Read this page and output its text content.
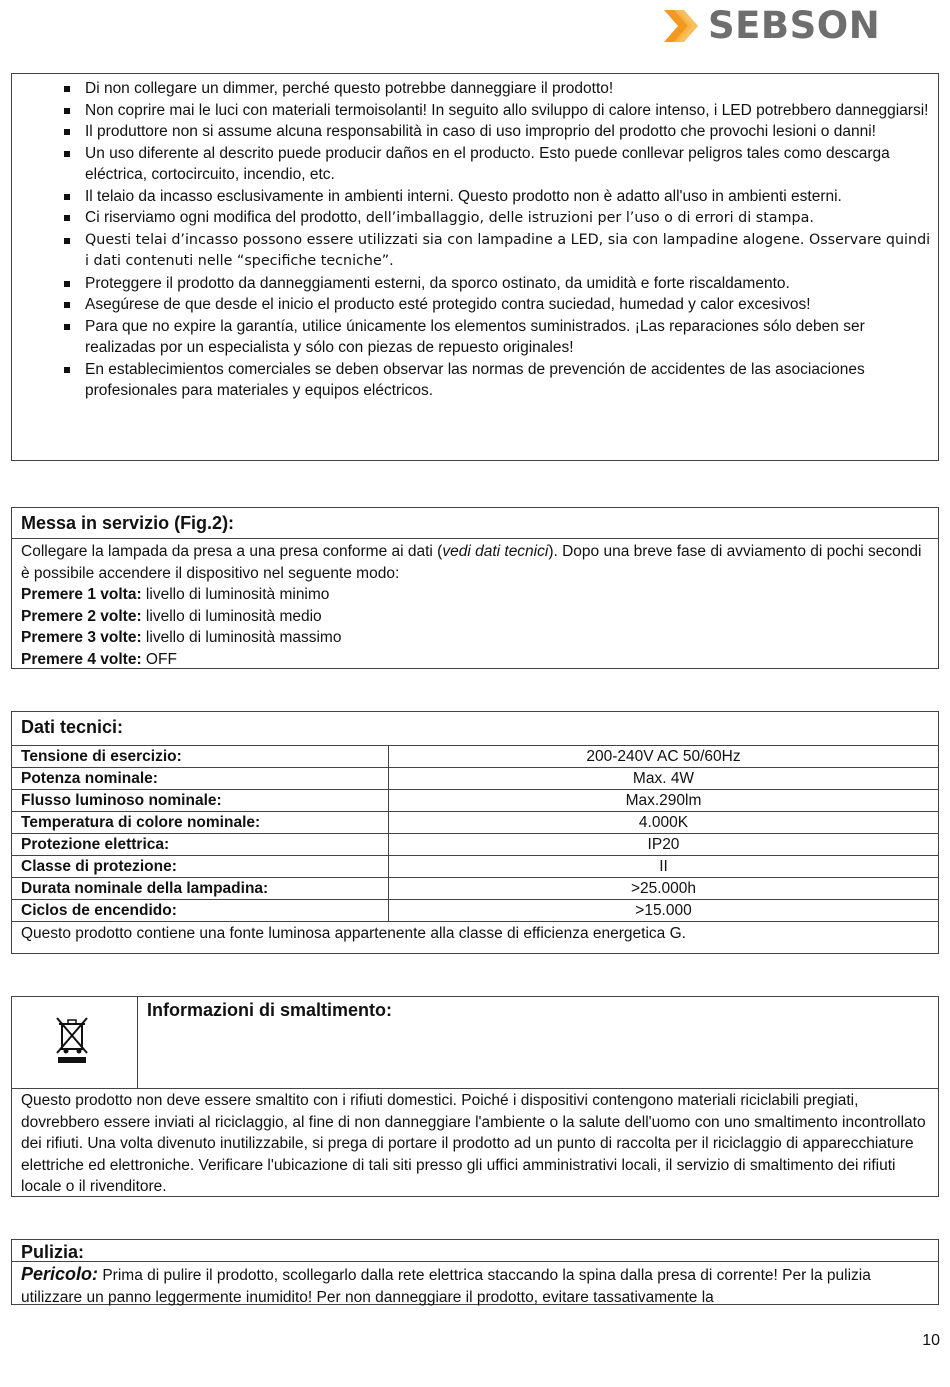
SEBSON
Di non collegare un dimmer, perché questo potrebbe danneggiare il prodotto!
Non coprire mai le luci con materiali termoisolanti! In seguito allo sviluppo di calore intenso, i LED potrebbero danneggiarsi!
Il produttore non si assume alcuna responsabilità in caso di uso improprio del prodotto che provochi lesioni o danni!
Un uso diferente al descrito puede producir daños en el producto. Esto puede conllevar peligros tales como descarga eléctrica, cortocircuito, incendio, etc.
Il telaio da incasso esclusivamente in ambienti interni. Questo prodotto non è adatto all'uso in ambienti esterni.
Ci riserviamo ogni modifica del prodotto, dell’imballaggio, delle istruzioni per l’uso o di errori di stampa.
Questi telai d’incasso possono essere utilizzati sia con lampadine a LED, sia con lampadine alogene. Osservare quindi i dati contenuti nelle “specifiche tecniche”.
Proteggere il prodotto da danneggiamenti esterni, da sporco ostinato, da umidità e forte riscaldamento.
Asegúrese de que desde el inicio el producto esté protegido contra suciedad, humedad y calor excesivos!
Para que no expire la garantía, utilice únicamente los elementos suministrados. ¡Las reparaciones sólo deben ser realizadas por un especialista y sólo con piezas de repuesto originales!
En establecimientos comerciales se deben observar las normas de prevención de accidentes de las asociaciones profesionales para materiales y equipos eléctricos.
Messa in servizio (Fig.2):
Collegare la lampada da presa a una presa conforme ai dati (vedi dati tecnici). Dopo una breve fase di avviamento di pochi secondi è possibile accendere il dispositivo nel seguente modo:
Premere 1 volta: livello di luminosità minimo
Premere 2 volte: livello di luminosità medio
Premere 3 volte: livello di luminosità massimo
Premere 4 volte: OFF
Dati tecnici:
Tensione di esercizio:	200-240V AC 50/60Hz
Potenza nominale:	Max. 4W
Flusso luminoso nominale:	Max.290lm
Temperatura di colore nominale:	4.000K
Protezione elettrica:	IP20
Classe di protezione:	II
Durata nominale della lampadina:	>25.000h
Ciclos de encendido:	>15.000
Questo prodotto contiene una fonte luminosa appartenente alla classe di efficienza energetica G.
Informazioni di smaltimento:
Questo prodotto non deve essere smaltito con i rifiuti domestici. Poiché i dispositivi contengono materiali riciclabili pregiati, dovrebbero essere inviati al riciclaggio, al fine di non danneggiare l'ambiente o la salute dell'uomo con uno smaltimento incontrollato dei rifiuti. Una volta divenuto inutilizzabile, si prega di portare il prodotto ad un punto di raccolta per il riciclaggio di apparecchiature elettriche ed elettroniche. Verificare l'ubicazione di tali siti presso gli uffici amministrativi locali, il servizio di smaltimento dei rifiuti locale o il rivenditore.
Pulizia:
Pericolo: Prima di pulire il prodotto, scollegarlo dalla rete elettrica staccando la spina dalla presa di corrente! Per la pulizia utilizzare un panno leggermente inumidito! Per non danneggiare il prodotto, evitare tassativamente la
10
